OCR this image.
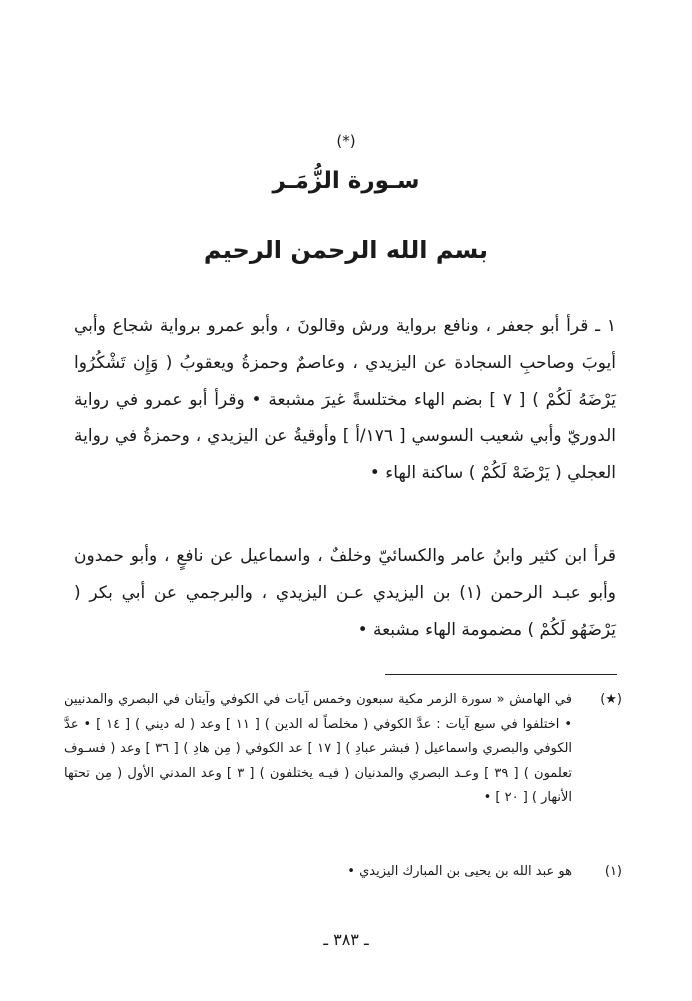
(*)
سـورة الزُّمَـر
بسم الله الرحمن الرحيم

١ ـ قرأ أبو جعفر ، ونافع برواية ورش وقالونَ ، وأبو عمرو برواية شجاع وأبي أيوبَ وصاحبِ السجادة عن اليزيدي ، وعاصمٌ وحمزةُ ويعقوبُ ( وَإِن تَشْكُرُوا يَرْضَهُ لَكُمْ ) [ ٧ ] بضم الهاء مختلسةً غيرَ مشبعة • وقرأ أبو عمرو في رواية الدوريّ وأبي شعيب السوسي [ ١٧٦/أ ] وأوقيةُ عن اليزيدي ، وحمزةُ في رواية العجلي ( يَرْضَهْ لَكُمْ ) ساكنة الهاء •

قرأ ابن كثير وابنُ عامر والكسائيّ وخلفٌ ، واسماعيل عن نافعٍ ، وأبو حمدون وأبو عبـد الرحمن (١) بن اليزيدي عـن اليزيدي ، والبرجمي عن أبي بكر ( يَرْضَهُو لَكُمْ ) مضمومة الهاء مشبعة •

(★)
في الهامش « سورة الزمر مكية سبعون وخمس آيات في الكوفي وآيتان في البصري والمدنيين • اختلفوا في سبع آيات : عدَّ الكوفي ( مخلصاً له الدين ) [ ١١ ] وعد ( له ديني ) [ ١٤ ] • عدَّ الكوفي والبصري واسماعيل ( فبشر عبادِ ) [ ١٧ ] عد الكوفي ( مِن هادِ ) [ ٣٦ ] وعد ( فسـوف تعلمون ) [ ٣٩ ] وعـد البصري والمدنيان ( فيـه يختلفون ) [ ٣ ] وعد المدني الأول ( مِن تحتها الأنهار ) [ ٢٠ ] •
(١)
هو عبد الله بن يحيى بن المبارك اليزيدي •
ـ ٣٨٣ ـ
